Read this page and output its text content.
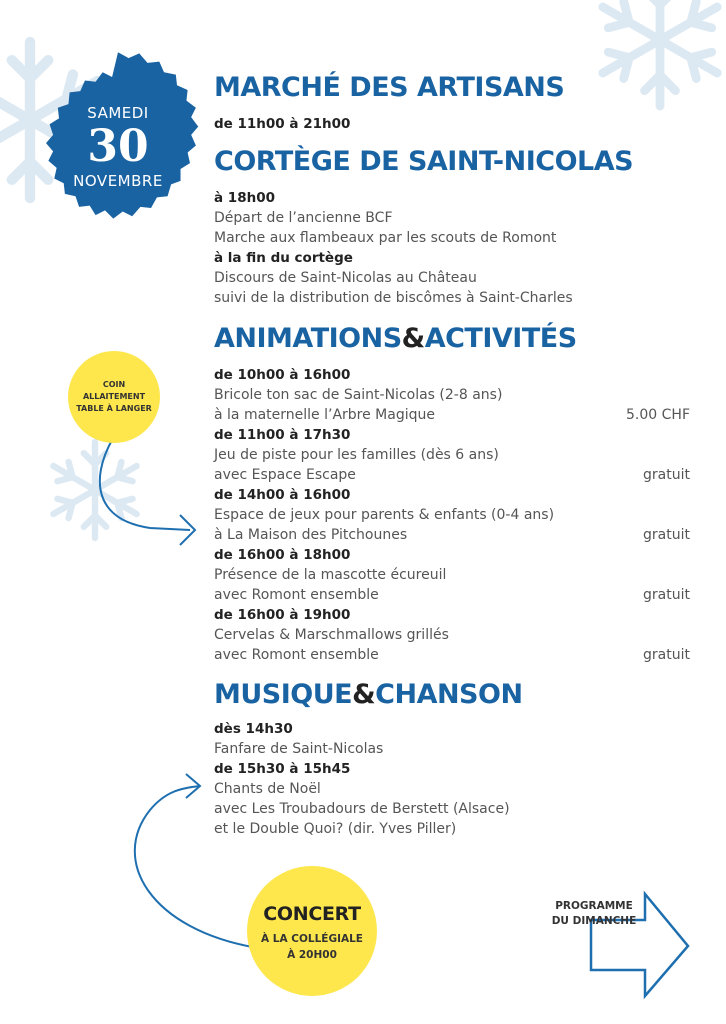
SAMEDI
30
NOVEMBRE
MARCHÉ DES ARTISANS
de 11h00 à 21h00
CORTÈGE DE SAINT-NICOLAS
à 18h00
Départ de l’ancienne BCF
Marche aux flambeaux par les scouts de Romont
à la fin du cortège
Discours de Saint-Nicolas au Château
suivi de la distribution de biscômes à Saint-Charles
ANIMATIONS&ACTIVITÉS
de 10h00 à 16h00
Bricole ton sac de Saint-Nicolas (2-8 ans)
à la maternelle l’Arbre Magique	5.00 CHF
de 11h00 à 17h30
Jeu de piste pour les familles (dès 6 ans)
avec Espace Escape	gratuit
de 14h00 à 16h00
Espace de jeux pour parents & enfants (0-4 ans)
à La Maison des Pitchounes	gratuit
de 16h00 à 18h00
Présence de la mascotte écureuil
avec Romont ensemble	gratuit
de 16h00 à 19h00
Cervelas & Marschmallows grillés
avec Romont ensemble	gratuit
MUSIQUE&CHANSON
dès 14h30
Fanfare de Saint-Nicolas
de 15h30 à 15h45
Chants de Noël
avec Les Troubadours de Berstett (Alsace)
et le Double Quoi? (dir. Yves Piller)
COIN
ALLAITEMENT
TABLE À LANGER
CONCERT
À LA COLLÉGIALE
À 20H00
PROGRAMME
DU DIMANCHE
